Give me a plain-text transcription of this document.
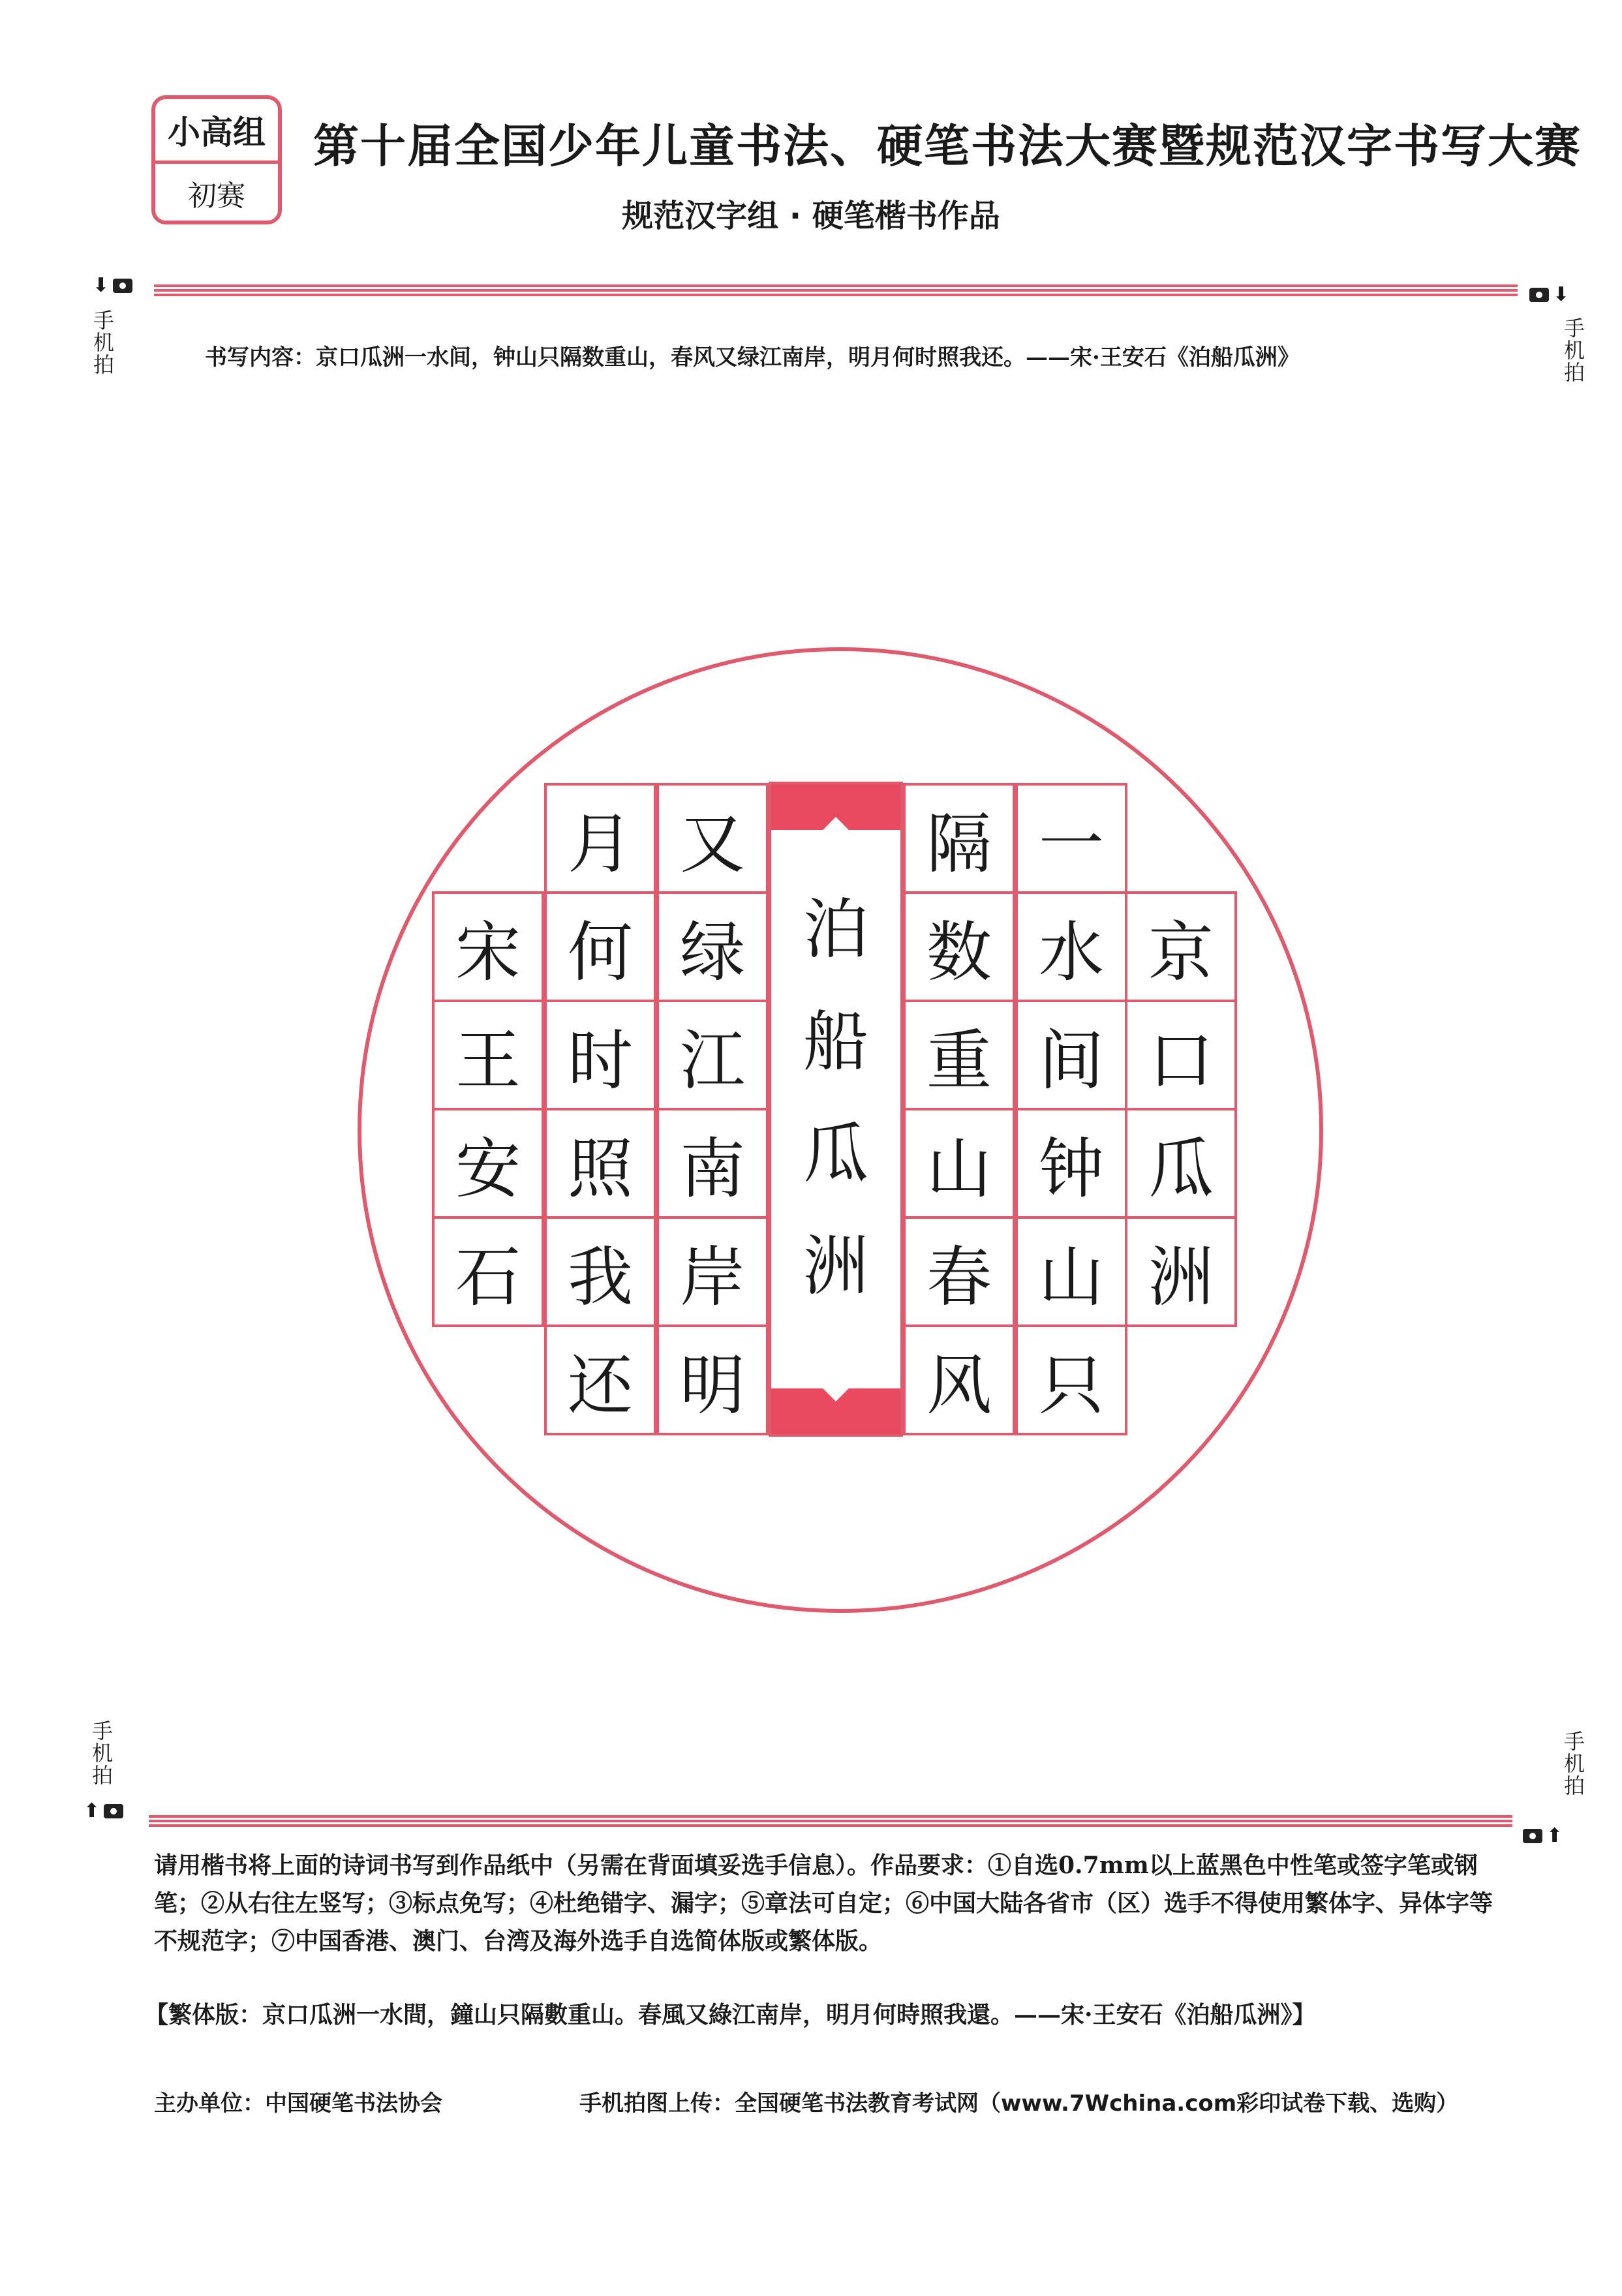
小高组
初赛
第十届全国少年儿童书法、硬笔书法大赛暨规范汉字书写大赛
规范汉字组 · 硬笔楷书作品
⬇	⬇
手机拍	手机拍
书写内容：京口瓜洲一水间，钟山只隔数重山，春风又绿江南岸，明月何时照我还。——宋·王安石《泊船瓜洲》
泊
船
瓜
洲
京
口
瓜
洲
一
水
间
钟
山
只
隔
数
重
山
春
风
又
绿
江
南
岸
明
月
何
时
照
我
还
宋
王
安
石
手机拍	手机拍
⬆
⬆
请用楷书将上面的诗词书写到作品纸中（另需在背面填妥选手信息）。作品要求：①自选0.7mm以上蓝黑色中性笔或签字笔或钢笔；②从右往左竖写；③标点免写；④杜绝错字、漏字；⑤章法可自定；⑥中国大陆各省市（区）选手不得使用繁体字、异体字等不规范字；⑦中国香港、澳门、台湾及海外选手自选简体版或繁体版。
【繁体版：京口瓜洲一水間，鐘山只隔數重山。春風又綠江南岸，明月何時照我還。——宋·王安石《泊船瓜洲》】
主办单位：中国硬笔书法协会	手机拍图上传：全国硬笔书法教育考试网（www.7Wchina.com彩印试卷下载、选购）
